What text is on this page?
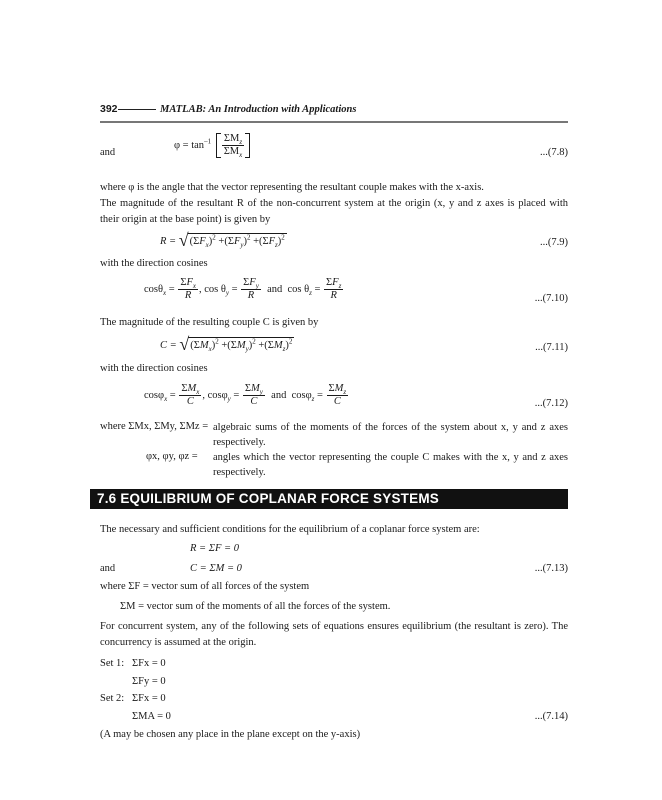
392	MATLAB: An Introduction with Applications
and
$\varphi = \tan^{-1} \frac{\Sigma M_z}{\Sigma M_x}$	...(7.8)
where φ is the angle that the vector representing the resultant couple makes with the x-axis.
The magnitude of the resultant R of the non-concurrent system at the origin (x, y and z axes is placed with their origin at the base point) is given by
$R = √(\Sigma F_x)^2 +(\Sigma F_y)^2 +(\Sigma F_z)^2$	...(7.9)
with the direction cosines
$\cos\theta_x = \frac{\Sigma F_x}{R}$ , $\cos \theta_y = \frac{\Sigma F_y}{R}$ and  $\cos \theta_z = \frac{\Sigma F_z}{R}$	...(7.10)
The magnitude of the resulting couple C is given by
$C = √(\Sigma M_x)^2 +(\Sigma M_y)^2 +(\Sigma M_z)^2$
...(7.11)
with the direction cosines
$\cos\varphi_x = \frac{\Sigma M_x}{C}$ , $\cos\varphi_y = \frac{\Sigma M_y}{C}$ and  $\cos\varphi_z = \frac{\Sigma M_z}{C}$	...(7.12)
where ΣMx, ΣMy, ΣMz = algebraic sums of the moments of the forces of the system about x, y and z axes respectively.
φx, φy, φz = angles which the vector representing the couple C makes with the x, y and z axes respectively.
7.6 EQUILIBRIUM OF COPLANAR FORCE SYSTEMS
The necessary and sufficient conditions for the equilibrium of a coplanar force system are:
R = ΣF = 0
and	C = ΣM = 0	...(7.13)
where ΣF = vector sum of all forces of the system
ΣM = vector sum of the moments of all the forces of the system.
For concurrent system, any of the following sets of equations ensures equilibrium (the resultant is zero). The concurrency is assumed at the origin.
Set 1: ΣFx = 0
ΣFy = 0
Set 2: ΣFx = 0
ΣMA = 0	...(7.14)
(A may be chosen any place in the plane except on the y-axis)
